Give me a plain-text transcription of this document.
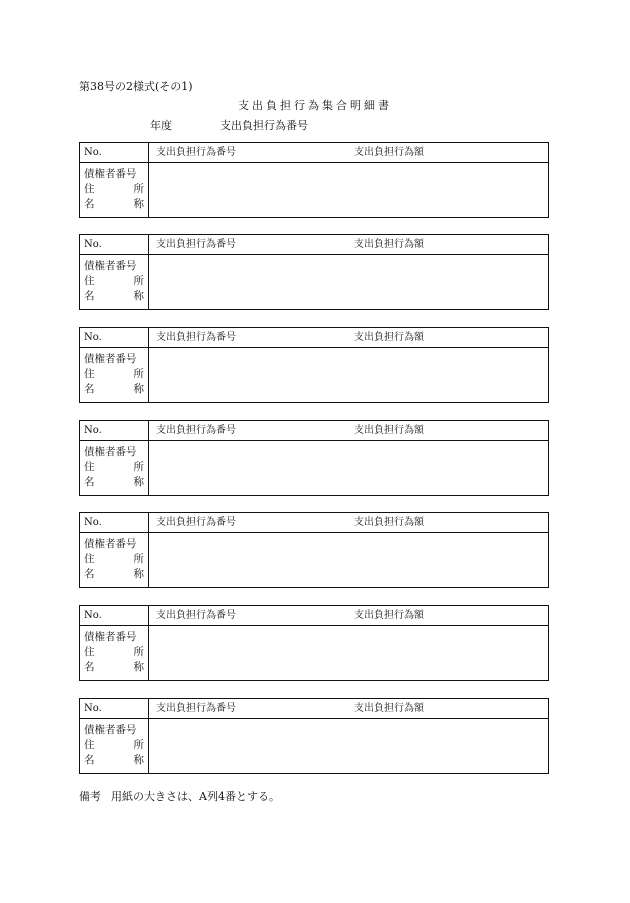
第38号の2様式(その1)
支出負担行為集合明細書
年度	支出負担行為番号
No.	支出負担行為番号	支出負担行為額
債権者番号
住	所
名	称
No.	支出負担行為番号	支出負担行為額
債権者番号
住	所
名	称
No.	支出負担行為番号	支出負担行為額
債権者番号
住	所
名	称
No.	支出負担行為番号	支出負担行為額
債権者番号
住	所
名	称
No.	支出負担行為番号	支出負担行為額
債権者番号
住	所
名	称
No.	支出負担行為番号	支出負担行為額
債権者番号
住	所
名	称
No.	支出負担行為番号	支出負担行為額
債権者番号
住	所
名	称
備考 用紙の大きさは、A列4番とする。
